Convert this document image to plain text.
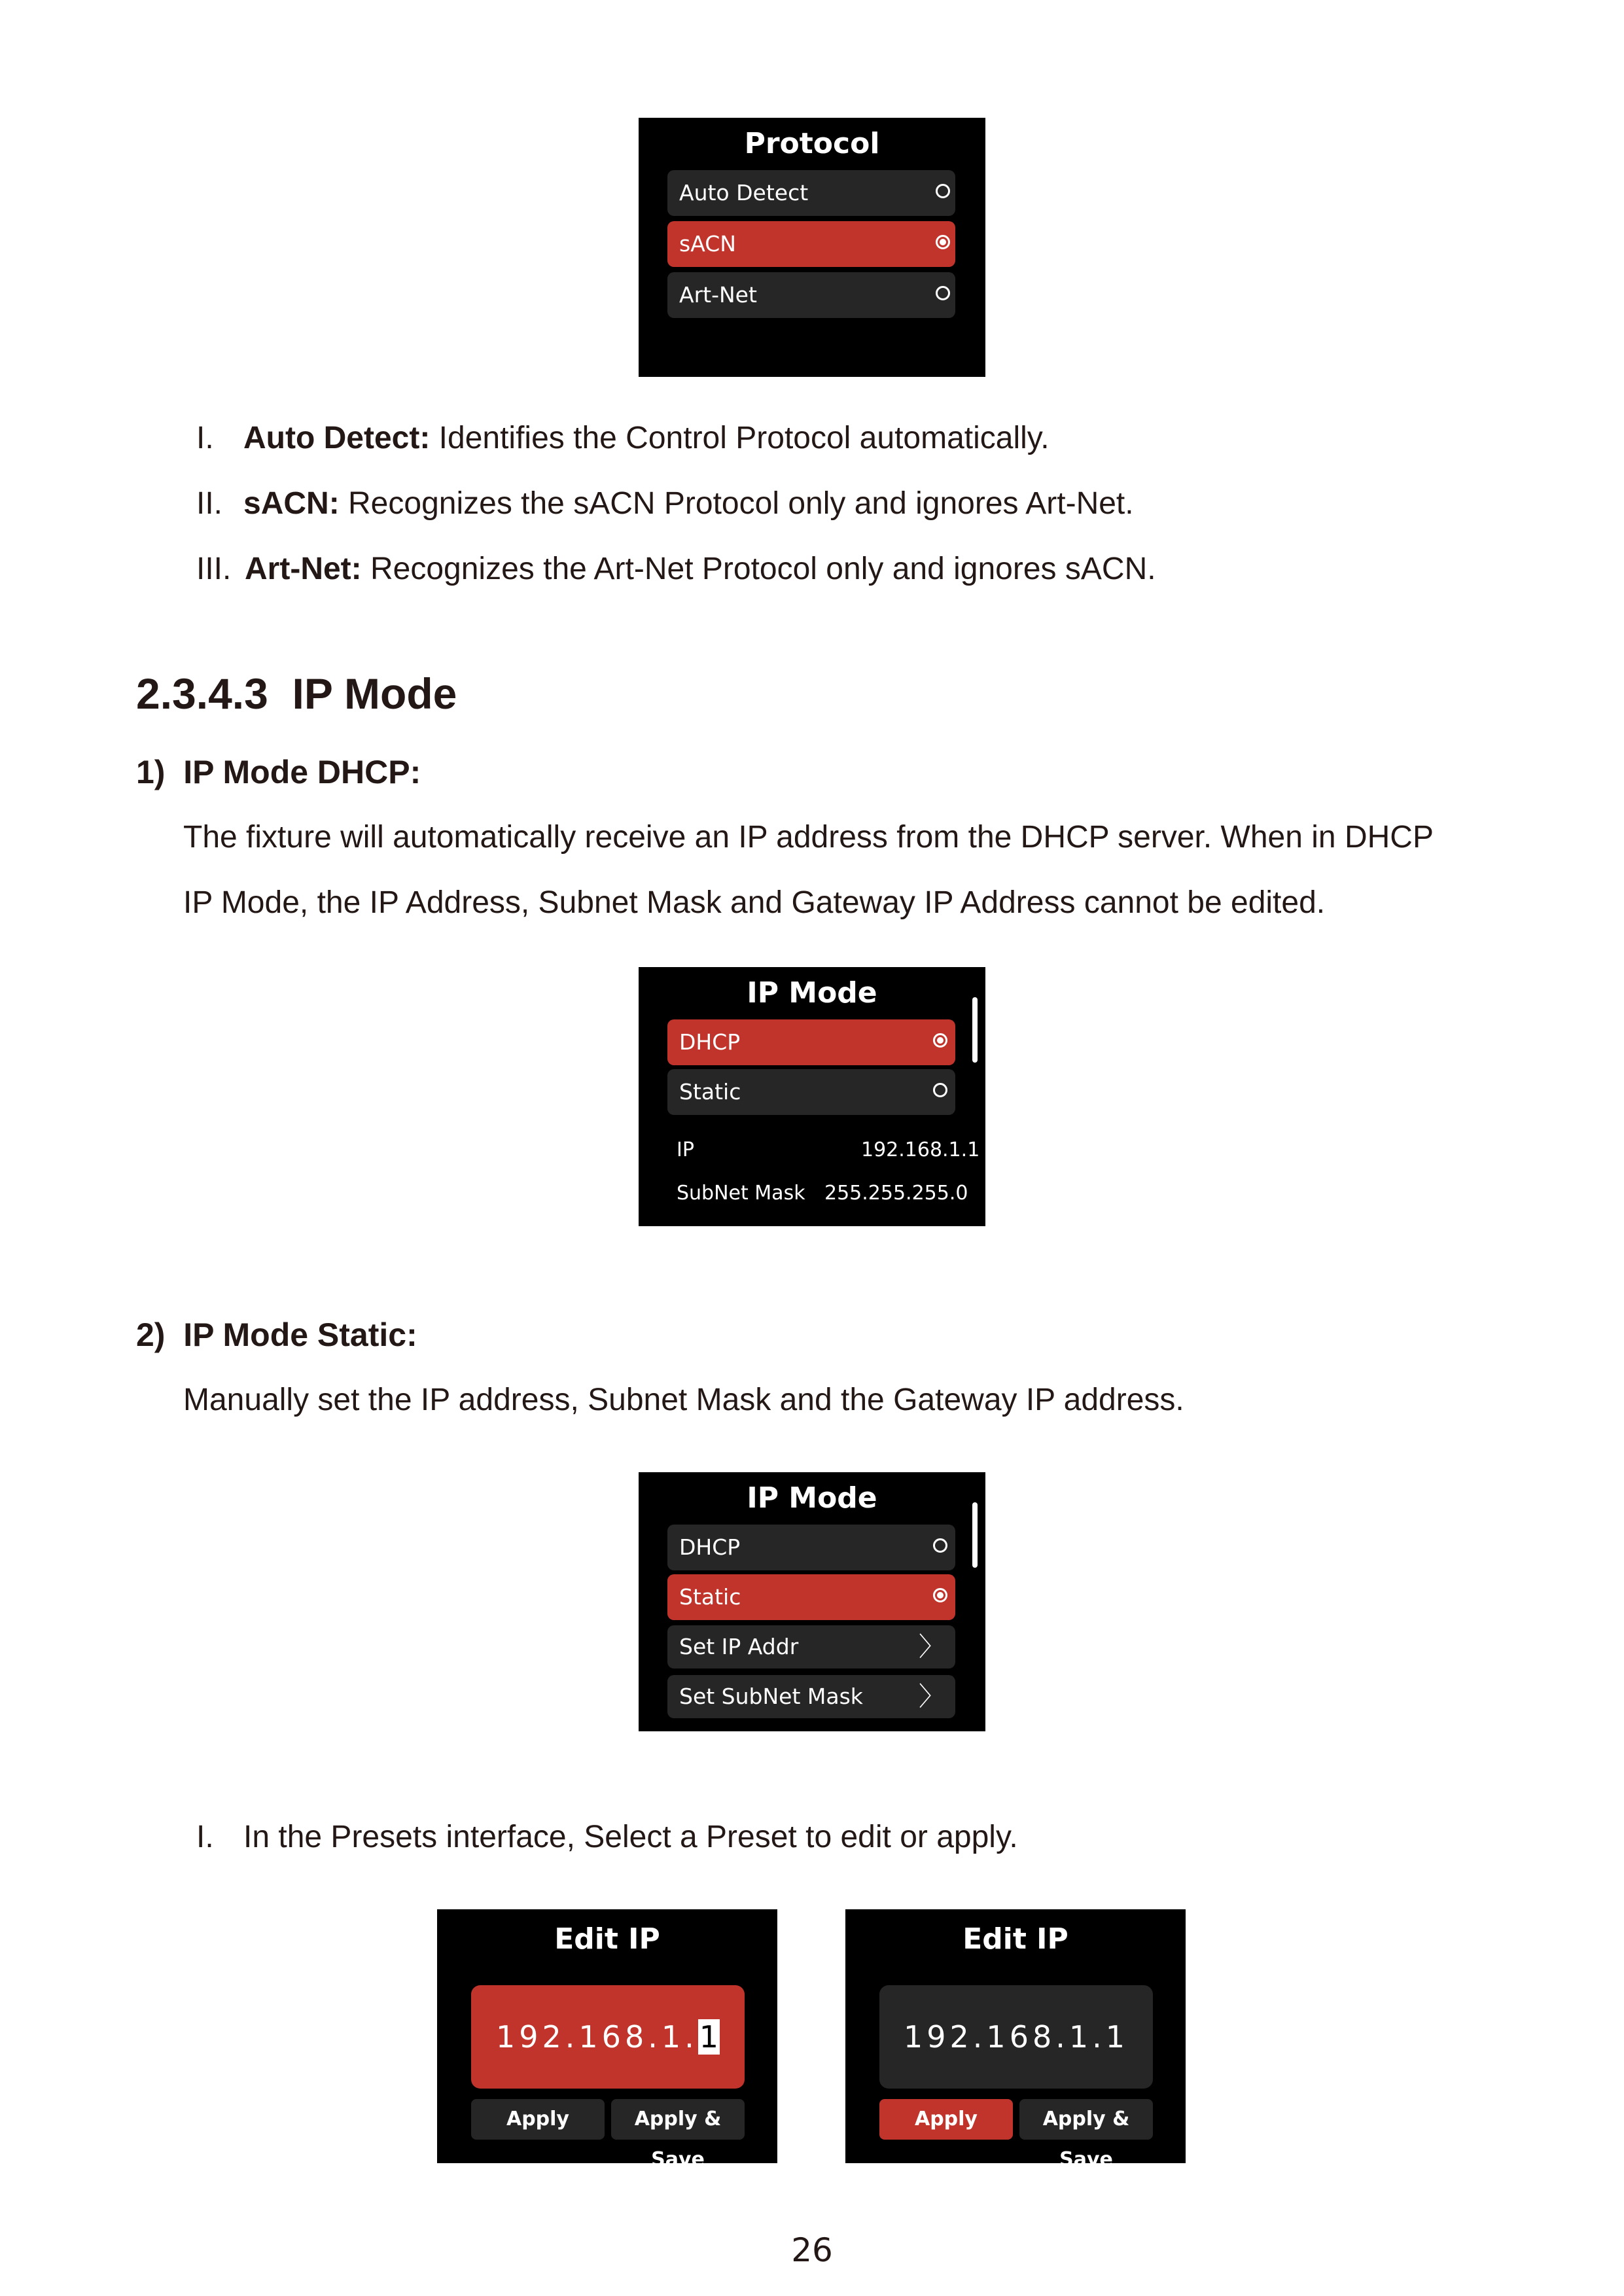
Protocol
Auto Detect
sACN
Art-Net
I. Auto Detect: Identifies the Control Protocol automatically.
II. sACN: Recognizes the sACN Protocol only and ignores Art-Net.
III. Art-Net: Recognizes the Art-Net Protocol only and ignores sACN.
2.3.4.3 IP Mode
1) IP Mode DHCP:
The fixture will automatically receive an IP address from the DHCP server. When in DHCP
IP Mode, the IP Address, Subnet Mask and Gateway IP Address cannot be edited.
IP Mode
DHCP
Static
IP	192.168.1.1
SubNet Mask 255.255.255.0
2) IP Mode Static:
Manually set the IP address, Subnet Mask and the Gateway IP address.
IP Mode
DHCP
Static
Set IP Addr	〉
Set SubNet Mask 〉
I. In the Presets interface, Select a Preset to edit or apply.
Edit IP
192.168.1.1
Apply	Apply & Save
Edit IP
192.168.1.1
Apply	Apply & Save
26
